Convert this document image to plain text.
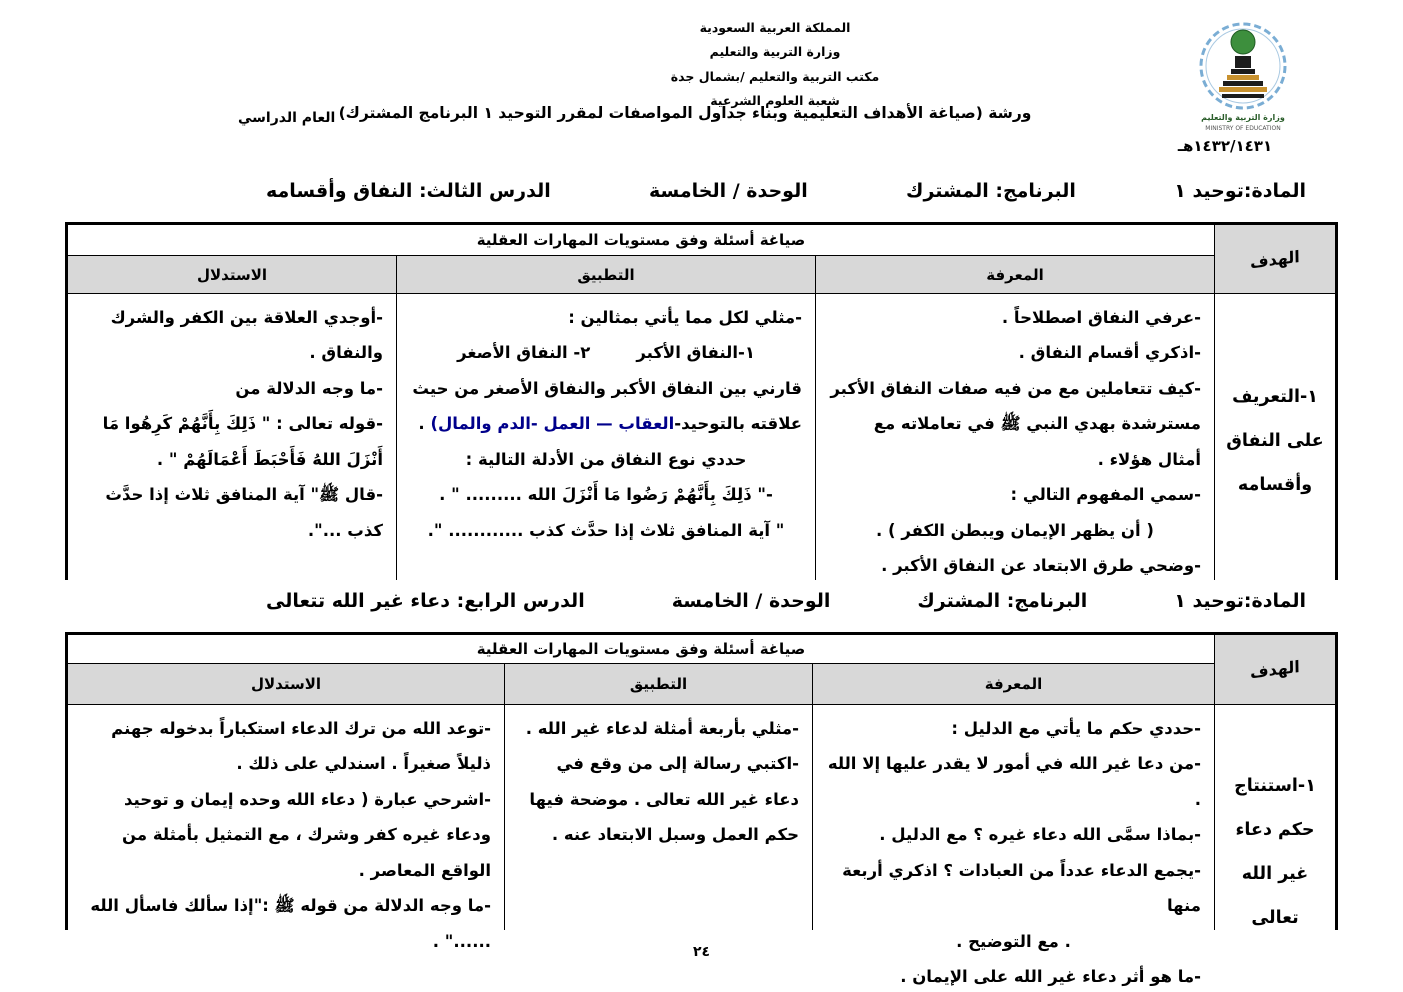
المملكة العربية السعودية
وزارة التربية والتعليم
مكتب التربية والتعليم /بشمال جدة
شعبة العلوم الشرعية
وزارة التربية والتعليم
MINISTRY OF EDUCATION
ورشة (صياغة الأهداف التعليمية وبناء جداول المواصفات لمقرر التوحيد ١ البرنامج المشترك)
العام الدراسي
١٤٣٢/١٤٣١هـ
المادة:توحيد ١
البرنامج: المشترك
الوحدة / الخامسة
الدرس الثالث: النفاق وأقسامه
الهدف
صياغة أسئلة وفق مستويات المهارات العقلية
المعرفة
التطبيق
الاستدلال
١-التعريف على النفاق وأقسامه
-عرفي النفاق اصطلاحاً .
-اذكري أقسام النفاق .
-كيف تتعاملين مع من فيه صفات النفاق الأكبر مسترشدة بهدي النبي ﷺ في تعاملاته مع أمثال هؤلاء .
-سمي المفهوم التالي :
( أن يظهر الإيمان ويبطن الكفر ) .
-وضحي طرق الابتعاد عن النفاق الأكبر .
-مثلي لكل مما يأتي بمثالين :
١-النفاق الأكبر        ٢- النفاق الأصغر
قارني بين النفاق الأكبر والنفاق الأصغر من حيث علاقته بالتوحيد-العقاب — العمل -الدم والمال) .
حددي نوع النفاق من الأدلة التالية :
-" ذَلِكَ بِأَنَّهُمْ رَضُوا مَا أَنْزَلَ الله ......... " .
" آية المنافق ثلاث إذا حدَّث كذب ............ ".
-أوجدي العلاقة بين الكفر والشرك والنفاق .
-ما وجه الدلالة من
-قوله تعالى : " ذَلِكَ بِأَنَّهُمْ كَرِهُوا مَا أَنْزَلَ اللهُ فَأَحْبَطَ أَعْمَالَهُمْ " .
-قال ﷺ" آية المنافق ثلاث إذا حدَّث كذب ...".
المادة:توحيد ١
البرنامج: المشترك
الوحدة / الخامسة
الدرس الرابع: دعاء غير الله تتعالى
الهدف
صياغة أسئلة وفق مستويات المهارات العقلية
المعرفة
التطبيق
الاستدلال
١-استنتاج حكم دعاء غير الله تعالى
-حددي حكم ما يأتي مع الدليل :
-من دعا غير الله في أمور لا يقدر عليها إلا الله .
-بماذا سمَّى الله دعاء غيره ؟ مع الدليل .
-يجمع الدعاء عدداً من العبادات ؟ اذكري أربعة منها
. مع التوضيح .
-ما هو أثر دعاء غير الله على الإيمان .
-مثلي بأربعة أمثلة لدعاء غير الله .
-اكتبي رسالة إلى من وقع في دعاء غير الله تعالى . موضحة فيها حكم العمل وسبل الابتعاد عنه .
-توعد الله من ترك الدعاء استكباراً بدخوله جهنم ذليلاً صغيراً . اسندلي على ذلك .
-اشرحي عبارة ( دعاء الله وحده إيمان و توحيد ودعاء غيره كفر وشرك ، مع التمثيل بأمثلة من الواقع المعاصر .
-ما وجه الدلالة من قوله ﷺ :"إذا سألك فاسأل الله ......" .
٢٤
